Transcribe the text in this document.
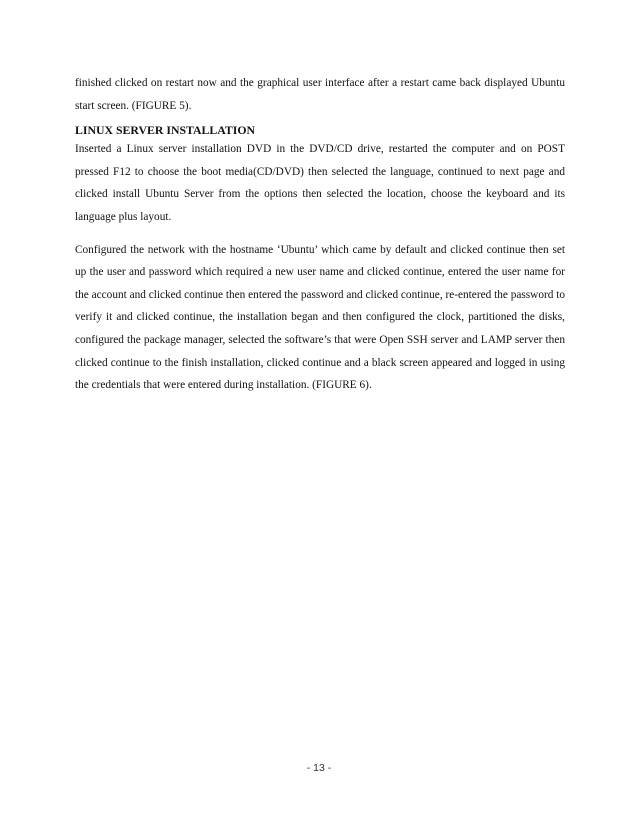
finished clicked on restart now and the graphical user interface after a restart came back displayed Ubuntu start screen. (FIGURE 5).

LINUX SERVER INSTALLATION

Inserted a Linux server installation DVD in the DVD/CD drive, restarted the computer and on POST pressed F12 to choose the boot media(CD/DVD) then selected the language, continued to next page and clicked install Ubuntu Server from the options then selected the location, choose the keyboard and its language plus layout.

Configured the network with the hostname ‘Ubuntu’ which came by default and clicked continue then set up the user and password which required a new user name and clicked continue, entered the user name for the account and clicked continue then entered the password and clicked continue, re-entered the password to verify it and clicked continue, the installation began and then configured the clock, partitioned the disks, configured the package manager, selected the software’s that were Open SSH server and LAMP server then clicked continue to the finish installation, clicked continue and a black screen appeared and logged in using the credentials that were entered during installation. (FIGURE 6).

- 13 -
